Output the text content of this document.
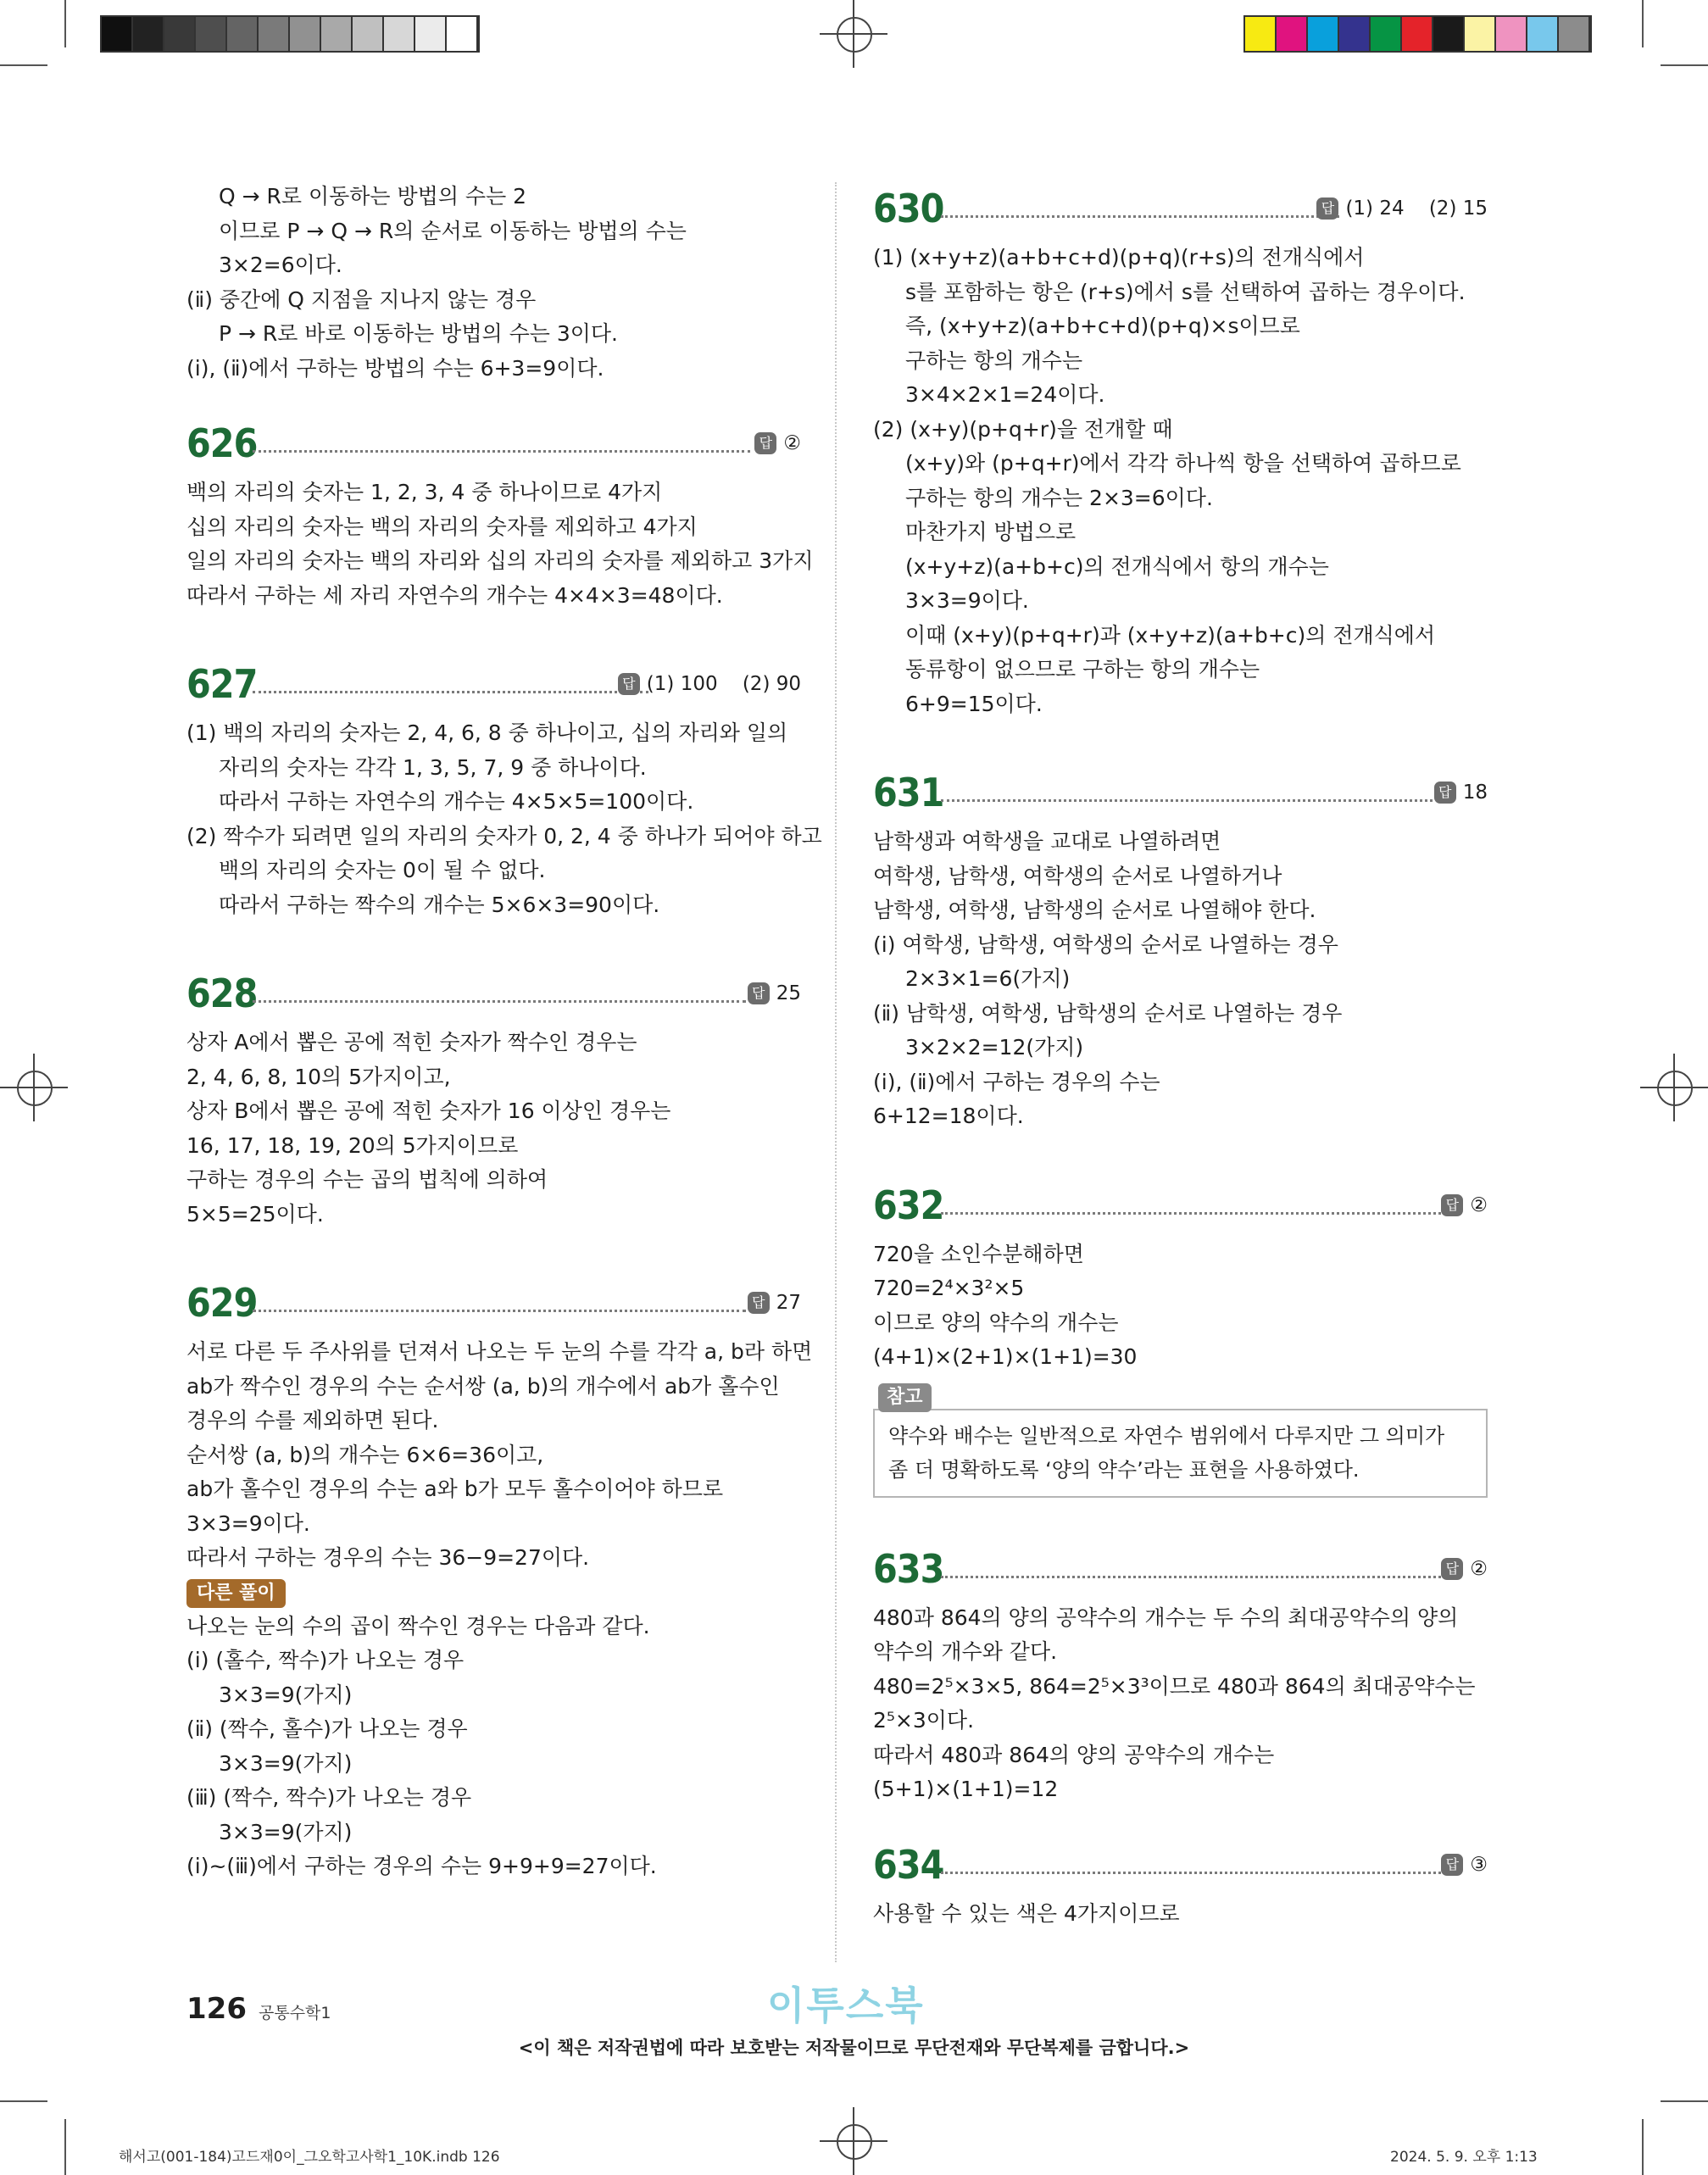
Q → R로 이동하는 방법의 수는 2
이므로 P → Q → R의 순서로 이동하는 방법의 수는
3×2=6이다.
(ⅱ) 중간에 Q 지점을 지나지 않는 경우
P → R로 바로 이동하는 방법의 수는 3이다.
(ⅰ), (ⅱ)에서 구하는 방법의 수는 6+3=9이다.
626	답 ②
백의 자리의 숫자는 1, 2, 3, 4 중 하나이므로 4가지
십의 자리의 숫자는 백의 자리의 숫자를 제외하고 4가지
일의 자리의 숫자는 백의 자리와 십의 자리의 숫자를 제외하고 3가지
따라서 구하는 세 자리 자연수의 개수는 4×4×3=48이다.
627	답 (1) 100    (2) 90
(1) 백의 자리의 숫자는 2, 4, 6, 8 중 하나이고, 십의 자리와 일의
자리의 숫자는 각각 1, 3, 5, 7, 9 중 하나이다.
따라서 구하는 자연수의 개수는 4×5×5=100이다.
(2) 짝수가 되려면 일의 자리의 숫자가 0, 2, 4 중 하나가 되어야 하고
백의 자리의 숫자는 0이 될 수 없다.
따라서 구하는 짝수의 개수는 5×6×3=90이다.
628	답 25
상자 A에서 뽑은 공에 적힌 숫자가 짝수인 경우는
2, 4, 6, 8, 10의 5가지이고,
상자 B에서 뽑은 공에 적힌 숫자가 16 이상인 경우는
16, 17, 18, 19, 20의 5가지이므로
구하는 경우의 수는 곱의 법칙에 의하여
5×5=25이다.
629	답 27
서로 다른 두 주사위를 던져서 나오는 두 눈의 수를 각각 a, b라 하면
ab가 짝수인 경우의 수는 순서쌍 (a, b)의 개수에서 ab가 홀수인
경우의 수를 제외하면 된다.
순서쌍 (a, b)의 개수는 6×6=36이고,
ab가 홀수인 경우의 수는 a와 b가 모두 홀수이어야 하므로
3×3=9이다.
따라서 구하는 경우의 수는 36−9=27이다.
다른 풀이
나오는 눈의 수의 곱이 짝수인 경우는 다음과 같다.
(ⅰ) (홀수, 짝수)가 나오는 경우
3×3=9(가지)
(ⅱ) (짝수, 홀수)가 나오는 경우
3×3=9(가지)
(ⅲ) (짝수, 짝수)가 나오는 경우
3×3=9(가지)
(ⅰ)~(ⅲ)에서 구하는 경우의 수는 9+9+9=27이다.
630	답 (1) 24    (2) 15
(1) (x+y+z)(a+b+c+d)(p+q)(r+s)의 전개식에서
s를 포함하는 항은 (r+s)에서 s를 선택하여 곱하는 경우이다.
즉, (x+y+z)(a+b+c+d)(p+q)×s이므로
구하는 항의 개수는
3×4×2×1=24이다.
(2) (x+y)(p+q+r)을 전개할 때
(x+y)와 (p+q+r)에서 각각 하나씩 항을 선택하여 곱하므로
구하는 항의 개수는 2×3=6이다.
마찬가지 방법으로
(x+y+z)(a+b+c)의 전개식에서 항의 개수는
3×3=9이다.
이때 (x+y)(p+q+r)과 (x+y+z)(a+b+c)의 전개식에서
동류항이 없으므로 구하는 항의 개수는
6+9=15이다.
631	답 18
남학생과 여학생을 교대로 나열하려면
여학생, 남학생, 여학생의 순서로 나열하거나
남학생, 여학생, 남학생의 순서로 나열해야 한다.
(ⅰ) 여학생, 남학생, 여학생의 순서로 나열하는 경우
2×3×1=6(가지)
(ⅱ) 남학생, 여학생, 남학생의 순서로 나열하는 경우
3×2×2=12(가지)
(ⅰ), (ⅱ)에서 구하는 경우의 수는
6+12=18이다.
632	답 ②
720을 소인수분해하면
720=2⁴×3²×5
이므로 양의 약수의 개수는
(4+1)×(2+1)×(1+1)=30
참고
약수와 배수는 일반적으로 자연수 범위에서 다루지만 그 의미가
좀 더 명확하도록 ‘양의 약수’라는 표현을 사용하였다.
633	답 ②
480과 864의 양의 공약수의 개수는 두 수의 최대공약수의 양의
약수의 개수와 같다.
480=2⁵×3×5, 864=2⁵×3³이므로 480과 864의 최대공약수는
2⁵×3이다.
따라서 480과 864의 양의 공약수의 개수는
(5+1)×(1+1)=12
634	답 ③
사용할 수 있는 색은 4가지이므로
126 공통수학1	이투스북
<이 책은 저작권법에 따라 보호받는 저작물이므로 무단전재와 무단복제를 금합니다.>
해서고(001-184)고드재0이_그오학고사학1_10K.indb 126	2024. 5. 9. 오후 1:13
